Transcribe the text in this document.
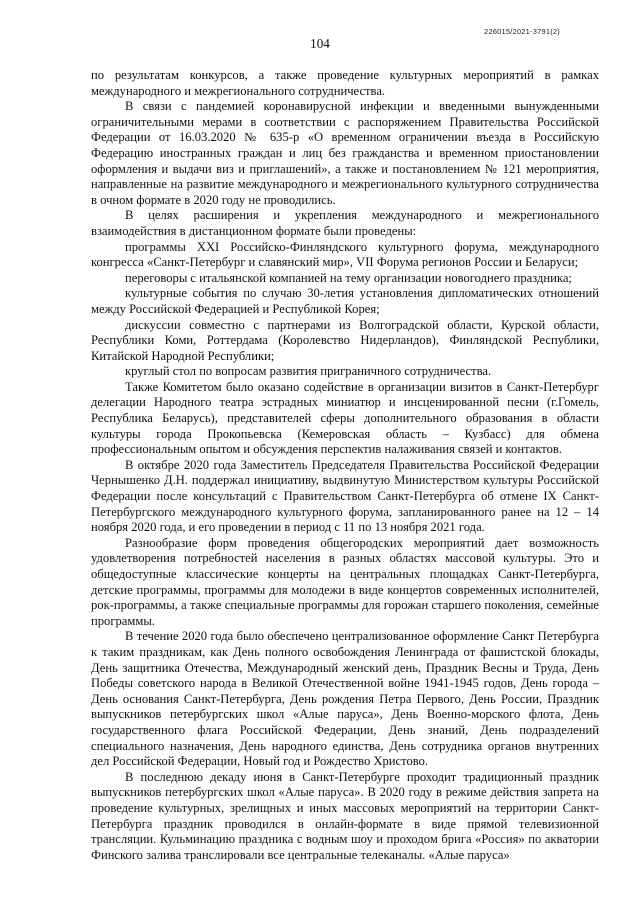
226015/2021-3791(2)
104

по результатам конкурсов, а также проведение культурных мероприятий в рамках международного и межрегионального сотрудничества.

В связи с пандемией коронавирусной инфекции и введенными вынужденными ограничительными мерами в соответствии с распоряжением Правительства Российской Федерации от 16.03.2020 № 635-р «О временном ограничении въезда в Российскую Федерацию иностранных граждан и лиц без гражданства и временном приостановлении оформления и выдачи виз и приглашений», а также и постановлением № 121 мероприятия, направленные на развитие международного и межрегионального культурного сотрудничества в очном формате в 2020 году не проводились.

В целях расширения и укрепления международного и межрегионального взаимодействия в дистанционном формате были проведены:

программы XXI Российско-Финляндского культурного форума, международного конгресса «Санкт-Петербург и славянский мир», VII Форума регионов России и Беларуси;

переговоры с итальянской компанией на тему организации новогоднего праздника;

культурные события по случаю 30-летия установления дипломатических отношений между Российской Федерацией и Республикой Корея;

дискуссии совместно с партнерами из Волгоградской области, Курской области, Республики Коми, Роттердама (Королевство Нидерландов), Финляндской Республики, Китайской Народной Республики;

круглый стол по вопросам развития приграничного сотрудничества.

Также Комитетом было оказано содействие в организации визитов в Санкт-Петербург делегации Народного театра эстрадных миниатюр и инсценированной песни (г.Гомель, Республика Беларусь), представителей сферы дополнительного образования в области культуры города Прокопьевска (Кемеровская область – Кузбасс) для обмена профессиональным опытом и обсуждения перспектив налаживания связей и контактов.

В октябре 2020 года Заместитель Председателя Правительства Российской Федерации Чернышенко Д.Н. поддержал инициативу, выдвинутую Министерством культуры Российской Федерации после консультаций с Правительством Санкт-Петербурга об отмене IX Санкт-Петербургского международного культурного форума, запланированного ранее на 12 – 14 ноября 2020 года, и его проведении в период с 11 по 13 ноября 2021 года.

Разнообразие форм проведения общегородских мероприятий дает возможность удовлетворения потребностей населения в разных областях массовой культуры. Это и общедоступные классические концерты на центральных площадках Санкт-Петербурга, детские программы, программы для молодежи в виде концертов современных исполнителей, рок-программы, а также специальные программы для горожан старшего поколения, семейные программы.

В течение 2020 года было обеспечено централизованное оформление Санкт Петербурга к таким праздникам, как День полного освобождения Ленинграда от фашистской блокады, День защитника Отечества, Международный женский день, Праздник Весны и Труда, День Победы советского народа в Великой Отечественной войне 1941-1945 годов, День города – День основания Санкт-Петербурга, День рождения Петра Первого, День России, Праздник выпускников петербургских школ «Алые паруса», День Военно-морского флота, День государственного флага Российской Федерации, День знаний, День подразделений специального назначения, День народного единства, День сотрудника органов внутренних дел Российской Федерации, Новый год и Рождество Христово.

В последнюю декаду июня в Санкт-Петербурге проходит традиционный праздник выпускников петербургских школ «Алые паруса». В 2020 году в режиме действия запрета на проведение культурных, зрелищных и иных массовых мероприятий на территории Санкт-Петербурга праздник проводился в онлайн-формате в виде прямой телевизионной трансляции. Кульминацию праздника с водным шоу и проходом брига «Россия» по акватории Финского залива транслировали все центральные телеканалы. «Алые паруса»
